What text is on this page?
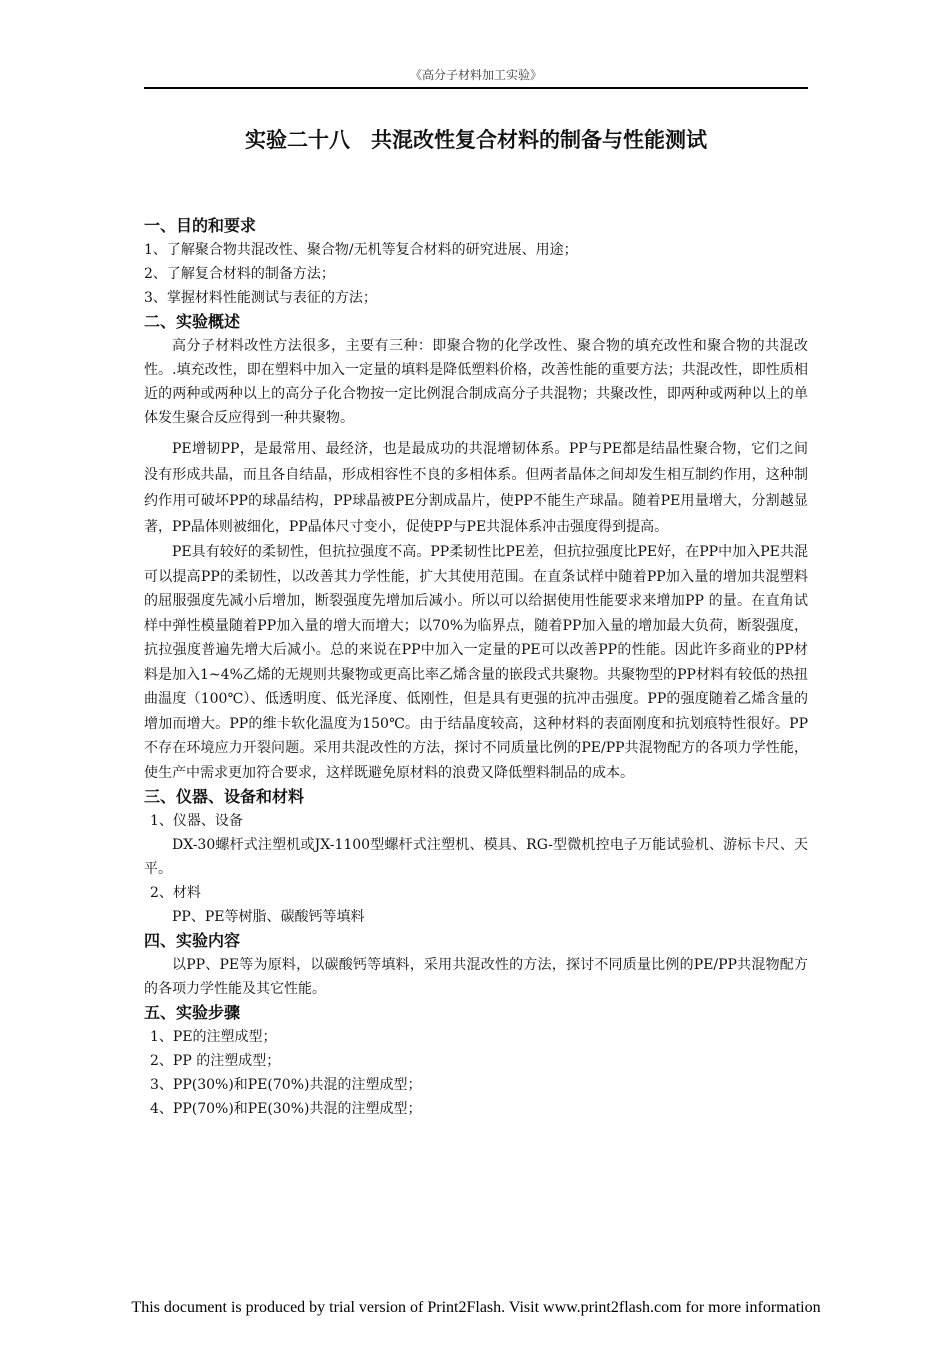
《高分子材料加工实验》
实验二十八　共混改性复合材料的制备与性能测试

一、目的和要求

1、了解聚合物共混改性、聚合物/无机等复合材料的研究进展、用途；

2、了解复合材料的制备方法；

3、掌握材料性能测试与表征的方法；

二、实验概述

高分子材料改性方法很多，主要有三种：即聚合物的化学改性、聚合物的填充改性和聚合物的共混改性。.填充改性，即在塑料中加入一定量的填料是降低塑料价格，改善性能的重要方法；共混改性，即性质相近的两种或两种以上的高分子化合物按一定比例混合制成高分子共混物；共聚改性，即两种或两种以上的单体发生聚合反应得到一种共聚物。

PE增韧PP，是最常用、最经济，也是最成功的共混增韧体系。PP与PE都是结晶性聚合物，它们之间没有形成共晶，而且各自结晶，形成相容性不良的多相体系。但两者晶体之间却发生相互制约作用，这种制约作用可破坏PP的球晶结构，PP球晶被PE分割成晶片，使PP不能生产球晶。随着PE用量增大，分割越显著，PP晶体则被细化，PP晶体尺寸变小，促使PP与PE共混体系冲击强度得到提高。

PE具有较好的柔韧性，但抗拉强度不高。PP柔韧性比PE差，但抗拉强度比PE好，在PP中加入PE共混可以提高PP的柔韧性，以改善其力学性能，扩大其使用范围。在直条试样中随着PP加入量的增加共混塑料的屈服强度先减小后增加，断裂强度先增加后减小。所以可以给据使用性能要求来增加PP 的量。在直角试样中弹性模量随着PP加入量的增大而增大；以70%为临界点，随着PP加入量的增加最大负荷，断裂强度，抗拉强度普遍先增大后减小。总的来说在PP中加入一定量的PE可以改善PP的性能。因此许多商业的PP材料是加入1~4%乙烯的无规则共聚物或更高比率乙烯含量的嵌段式共聚物。共聚物型的PP材料有较低的热扭曲温度（100℃）、低透明度、低光泽度、低刚性，但是具有更强的抗冲击强度。PP的强度随着乙烯含量的增加而增大。PP的维卡软化温度为150℃。由于结晶度较高，这种材料的表面刚度和抗划痕特性很好。PP不存在环境应力开裂问题。采用共混改性的方法，探讨不同质量比例的PE/PP共混物配方的各项力学性能，使生产中需求更加符合要求，这样既避免原材料的浪费又降低塑料制品的成本。

三、仪器、设备和材料

1、仪器、设备

DX-30螺杆式注塑机或JX-1100型螺杆式注塑机、模具、RG-型微机控电子万能试验机、游标卡尺、天平。

2、材料

PP、PE等树脂、碳酸钙等填料

四、实验内容

以PP、PE等为原料，以碳酸钙等填料，采用共混改性的方法，探讨不同质量比例的PE/PP共混物配方的各项力学性能及其它性能。

五、实验步骤

1、PE的注塑成型；

2、PP 的注塑成型；

3、PP(30%)和PE(70%)共混的注塑成型；

4、PP(70%)和PE(30%)共混的注塑成型；

This document is produced by trial version of Print2Flash. Visit www.print2flash.com for more information
